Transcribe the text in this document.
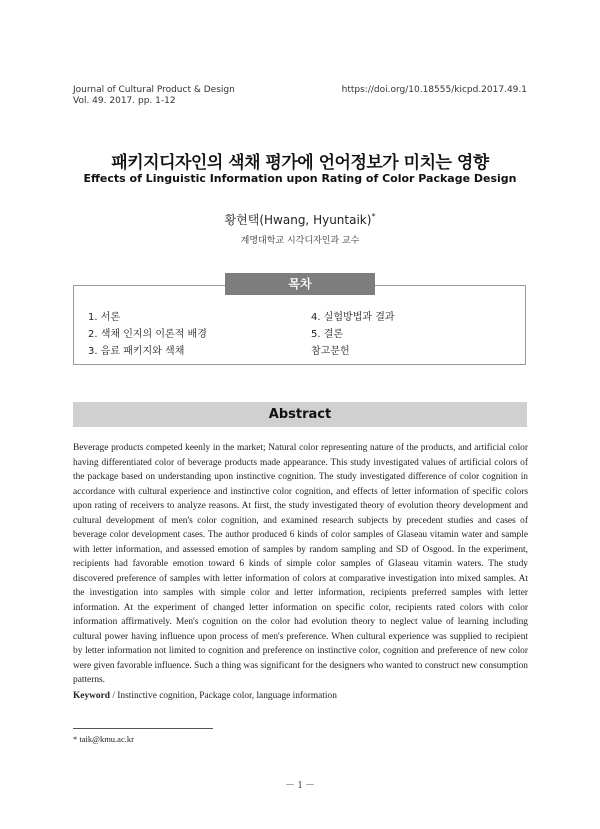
Journal of Cultural Product & Design
Vol. 49. 2017. pp. 1-12
https://doi.org/10.18555/kicpd.2017.49.1
패키지디자인의 색채 평가에 언어정보가 미치는 영향
Effects of Linguistic Information upon Rating of Color Package Design
황현택(Hwang, Hyuntaik)*
계명대학교 시각디자인과 교수
목차
1. 서론
2. 색채 인지의 이론적 배경
3. 음료 패키지와 색채
4. 실험방법과 결과
5. 결론
참고문헌
Abstract
Beverage products competed keenly in the market; Natural color representing nature of the products, and artificial color having differentiated color of beverage products made appearance. This study investigated values of artificial colors of the package based on understanding upon instinctive cognition. The study investigated difference of color cognition in accordance with cultural experience and instinctive color cognition, and effects of letter information of specific colors upon rating of receivers to analyze reasons. At first, the study investigated theory of evolution theory development and cultural development of men's color cognition, and examined research subjects by precedent studies and cases of beverage color development cases. The author produced 6 kinds of color samples of Glaseau vitamin water and sample with letter information, and assessed emotion of samples by random sampling and SD of Osgood. In the experiment, recipients had favorable emotion toward 6 kinds of simple color samples of Glaseau vitamin waters. The study discovered preference of samples with letter information of colors at comparative investigation into mixed samples. At the investigation into samples with simple color and letter information, recipients preferred samples with letter information. At the experiment of changed letter information on specific color, recipients rated colors with color information affirmatively. Men's cognition on the color had evolution theory to neglect value of learning including cultural power having influence upon process of men's preference. When cultural experience was supplied to recipient by letter information not limited to cognition and preference on instinctive color, cognition and preference of new color were given favorable influence. Such a thing was significant for the designers who wanted to construct new consumption patterns.
Keyword / Instinctive cognition, Package color, language information
* taik@kmu.ac.kr
－ 1 －
